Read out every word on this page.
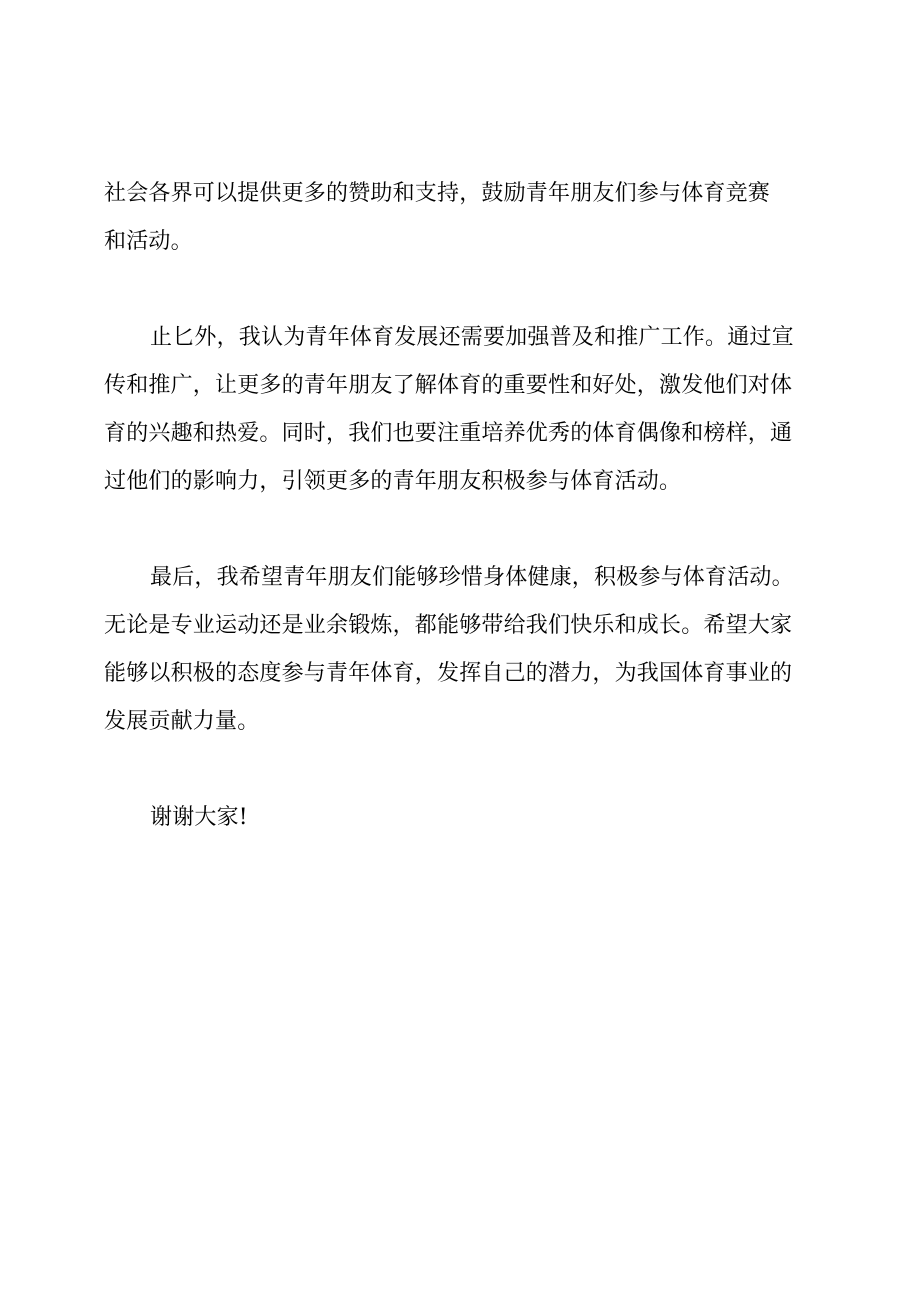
社会各界可以提供更多的赞助和支持，鼓励青年朋友们参与体育竞赛
和活动。
止匕外，我认为青年体育发展还需要加强普及和推广工作。通过宣
传和推广，让更多的青年朋友了解体育的重要性和好处，激发他们对体
育的兴趣和热爱。同时，我们也要注重培养优秀的体育偶像和榜样，通
过他们的影响力，引领更多的青年朋友积极参与体育活动。
最后，我希望青年朋友们能够珍惜身体健康，积极参与体育活动。
无论是专业运动还是业余锻炼，都能够带给我们快乐和成长。希望大家
能够以积极的态度参与青年体育，发挥自己的潜力，为我国体育事业的
发展贡献力量。
谢谢大家!
